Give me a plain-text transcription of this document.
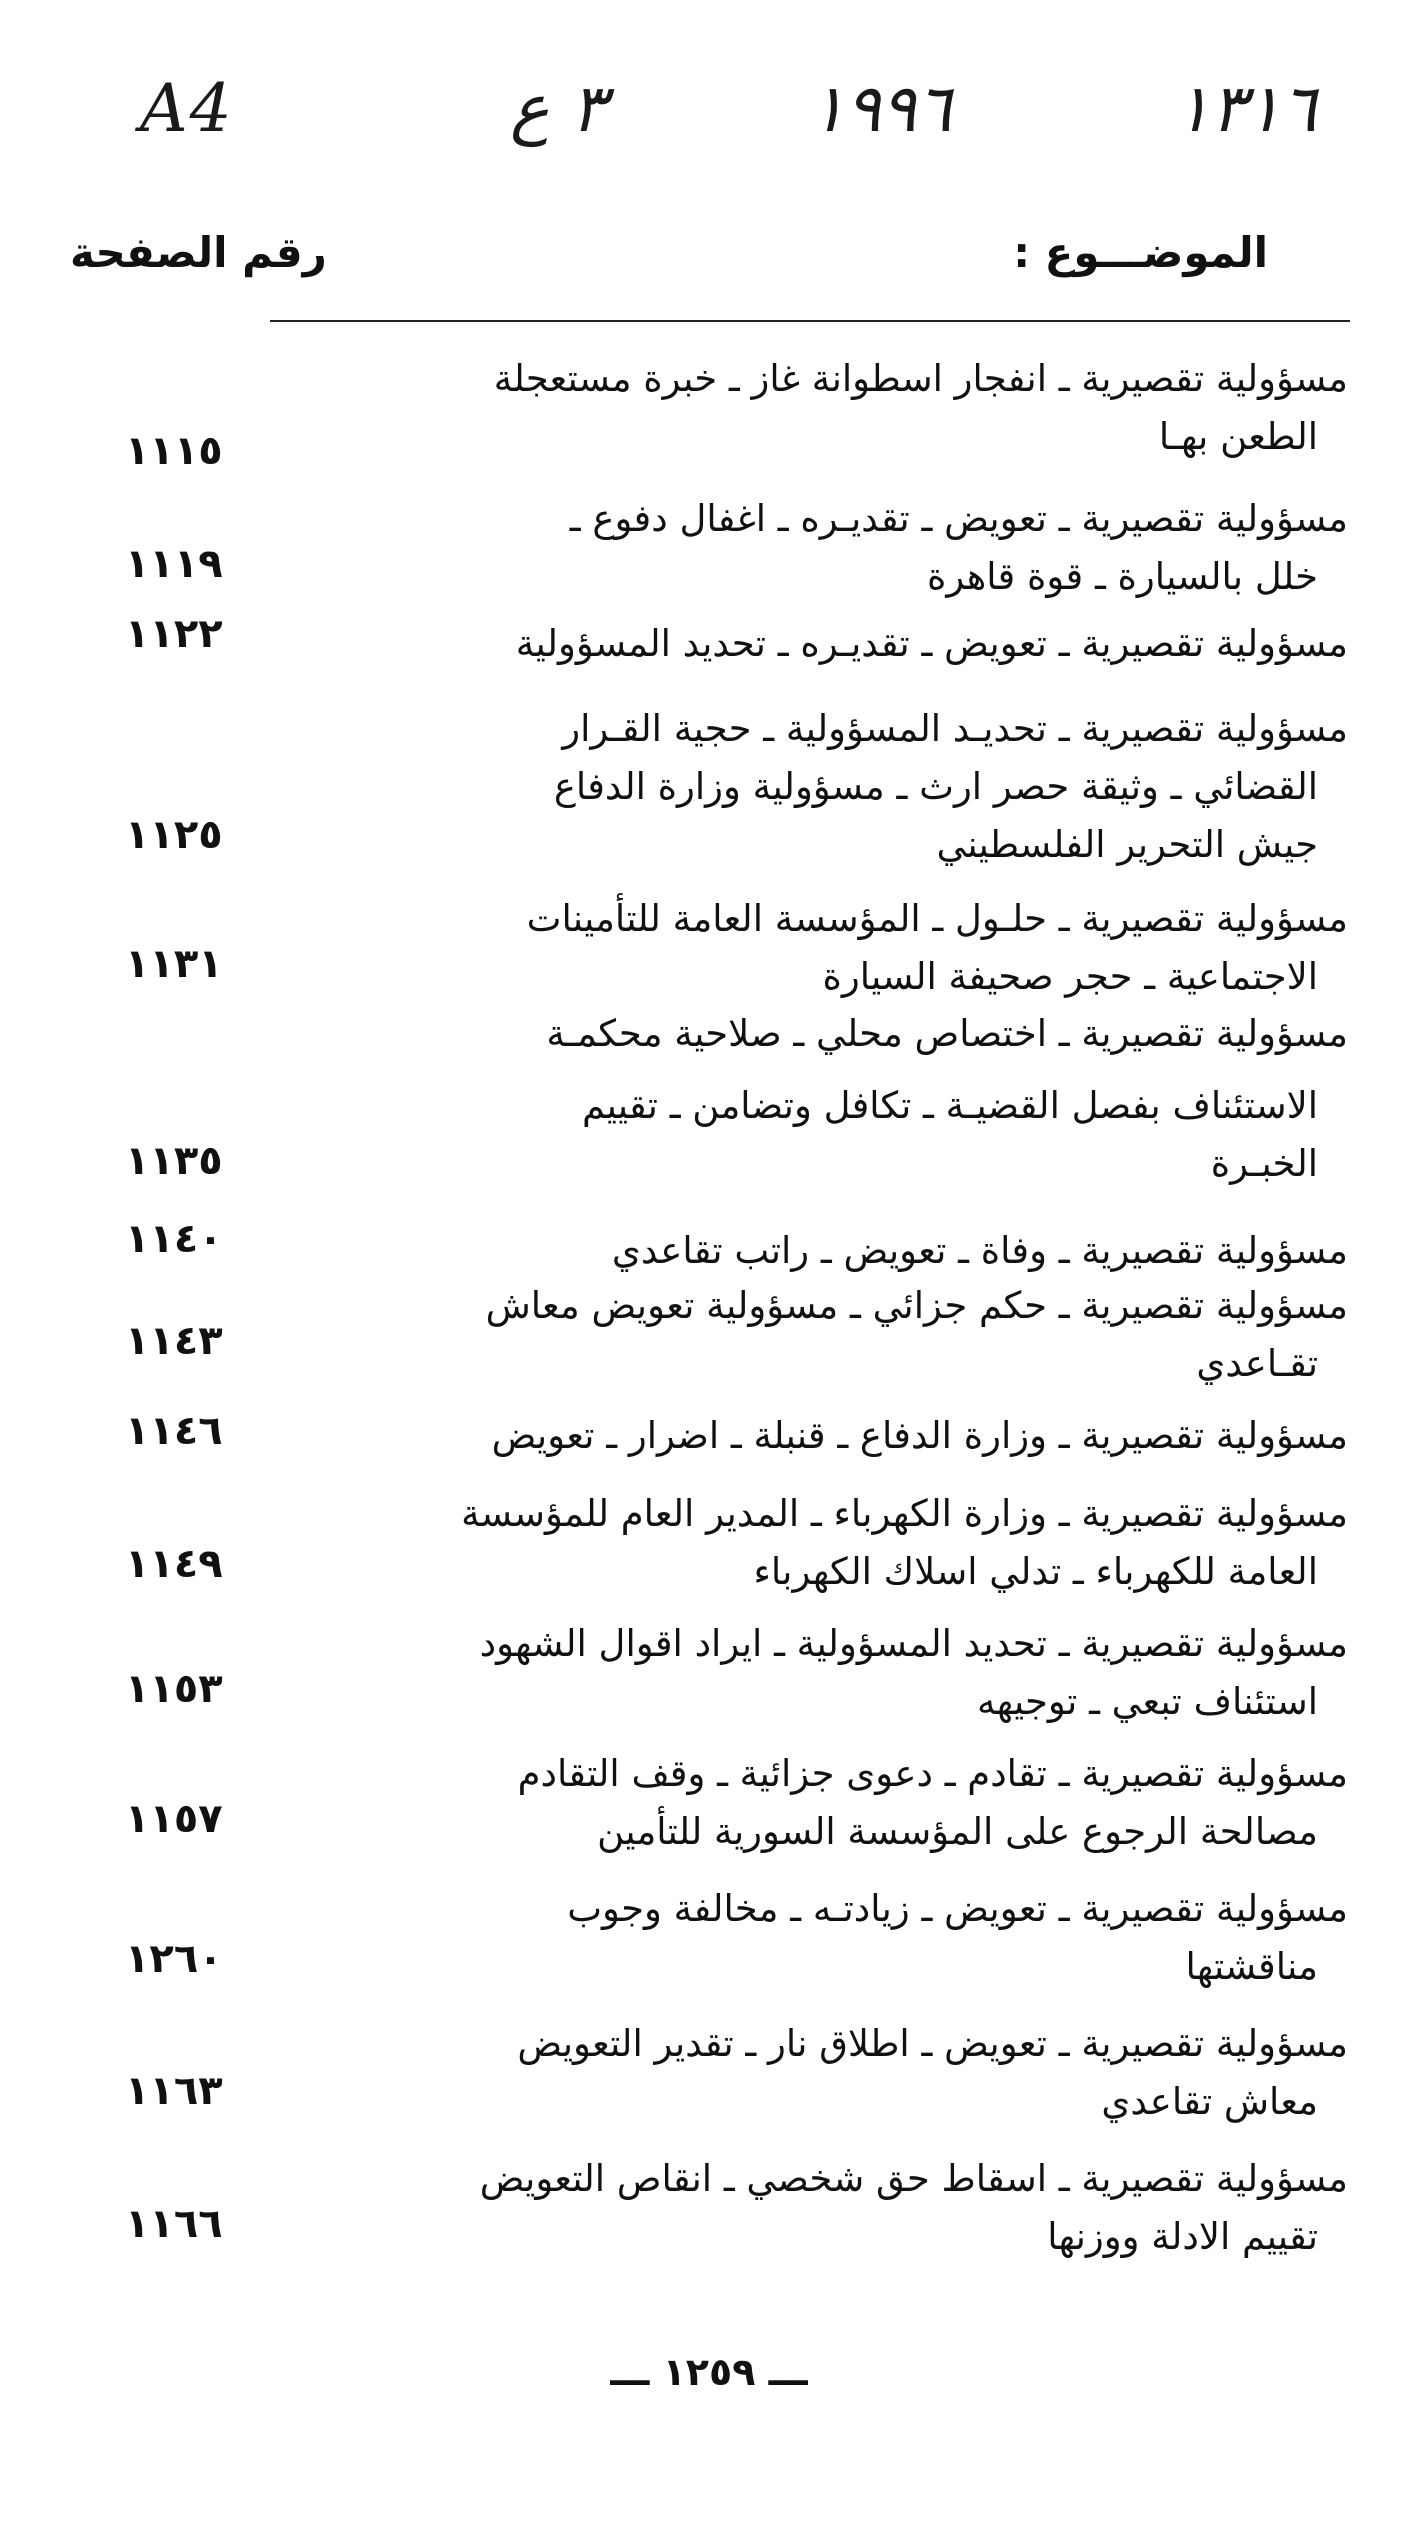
A4	٣ ع	١٩٩٦	١٣١٦
الموضـــوع :
رقم الصفحة
مسؤولية تقصيرية ـ انفجار اسطوانة غاز ـ خبرة مستعجلة
الطعن بهـا
١١١٥
مسؤولية تقصيرية ـ تعويض ـ تقديـره ـ اغفال دفوع ـ
خلل بالسيارة ـ قوة قاهرة
١١١٩
مسؤولية تقصيرية ـ تعويض ـ تقديـره ـ تحديد المسؤولية
١١٢٢
مسؤولية تقصيرية ـ تحديـد المسؤولية ـ حجية القـرار
القضائي ـ وثيقة حصر ارث ـ مسؤولية وزارة الدفاع
جيش التحرير الفلسطيني
١١٢٥
مسؤولية تقصيرية ـ حلـول ـ المؤسسة العامة للتأمينات
الاجتماعية ـ حجر صحيفة السيارة
١١٣١
مسؤولية تقصيرية ـ اختصاص محلي ـ صلاحية محكمـة
الاستئناف بفصل القضيـة ـ تكافل وتضامن ـ تقييم
الخبـرة
١١٣٥
مسؤولية تقصيرية ـ وفاة ـ تعويض ـ راتب تقاعدي
١١٤٠
مسؤولية تقصيرية ـ حكم جزائي ـ مسؤولية تعويض معاش
تقـاعدي
١١٤٣
مسؤولية تقصيرية ـ وزارة الدفاع ـ قنبلة ـ اضرار ـ تعويض
١١٤٦
مسؤولية تقصيرية ـ وزارة الكهرباء ـ المدير العام للمؤسسة
العامة للكهرباء ـ تدلي اسلاك الكهرباء
١١٤٩
مسؤولية تقصيرية ـ تحديد المسؤولية ـ ايراد اقوال الشهود
استئناف تبعي ـ توجيهه
١١٥٣
مسؤولية تقصيرية ـ تقادم ـ دعوى جزائية ـ وقف التقادم
مصالحة الرجوع على المؤسسة السورية للتأمين
١١٥٧
مسؤولية تقصيرية ـ تعويض ـ زيادتـه ـ مخالفة وجوب
مناقشتها
١٢٦٠
مسؤولية تقصيرية ـ تعويض ـ اطلاق نار ـ تقدير التعويض
معاش تقاعدي
١١٦٣
مسؤولية تقصيرية ـ اسقاط حق شخصي ـ انقاص التعويض
تقييم الادلة ووزنها
١١٦٦
ـــ ١٢٥٩ ـــ
